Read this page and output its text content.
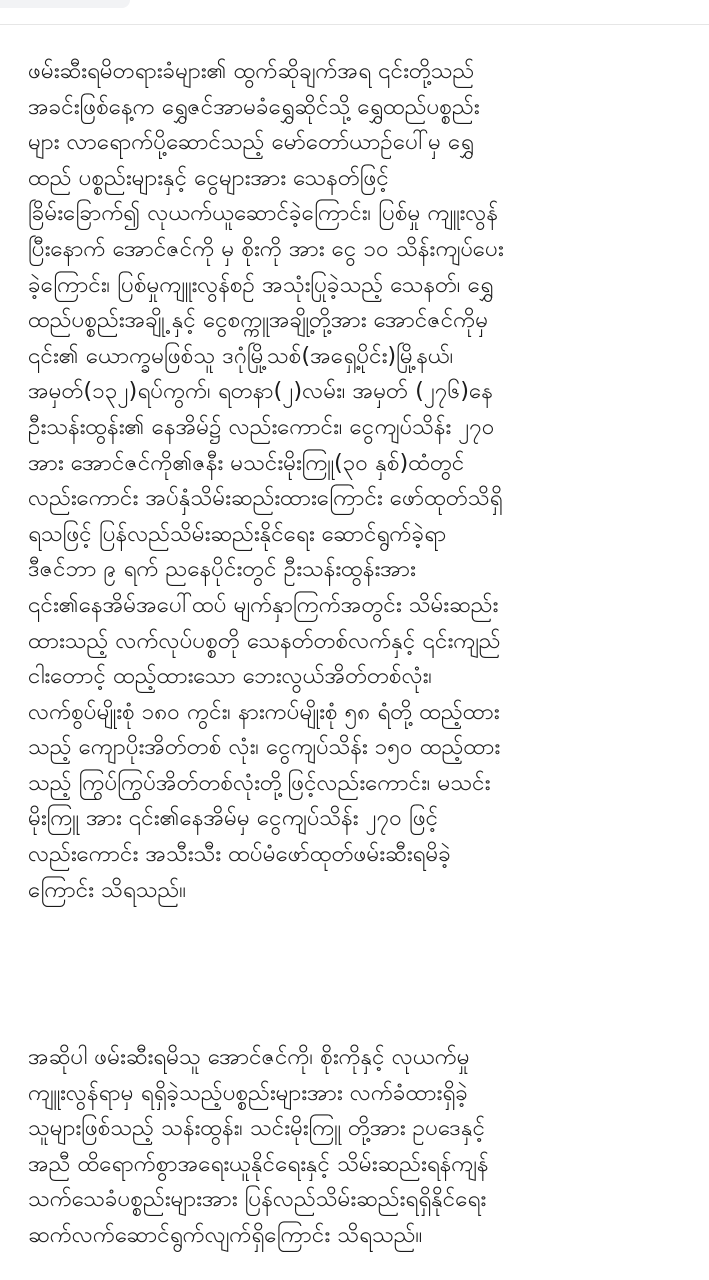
ဖမ်းဆီးရမိတရားခံများ၏ ထွက်ဆိုချက်အရ ၎င်းတို့သည်
အခင်းဖြစ်နေ့က ရွှေဇင်အာမခံရွှေဆိုင်သို့ ရွှေထည်ပစ္စည်း
များ လာရောက်ပို့ဆောင်သည့် မော်တော်ယာဉ်ပေါ်မှ ရွှေ
ထည် ပစ္စည်းများနှင့် ငွေများအား သေနတ်ဖြင့်
ခြိမ်းခြောက်၍ လုယက်ယူဆောင်ခဲ့ကြောင်း၊ ပြစ်မှု ကျူးလွန်
ပြီးနောက် အောင်ဇင်ကို မှ စိုးကို အား ငွေ ၁၀ သိန်းကျပ်ပေး
ခဲ့ကြောင်း၊ ပြစ်မှုကျူးလွန်စဉ် အသုံးပြုခဲ့သည့် သေနတ်၊ ရွှေ
ထည်ပစ္စည်းအချို့ နှင့် ငွေစက္ကူအချို့တို့အား အောင်ဇင်ကိုမှ
၎င်း၏ ယောက္ခမဖြစ်သူ ဒဂုံမြို့သစ်(အရှေ့ပိုင်း)မြို့နယ်၊
အမှတ်(၁၃၂)ရပ်ကွက်၊ ရတနာ(၂)လမ်း၊ အမှတ် (၂၇၆)နေ
ဦးသန်းထွန်း၏ နေအိမ်၌ လည်းကောင်း၊ ငွေကျပ်သိန်း ၂၇၀
အား အောင်ဇင်ကို၏ဇနီး မသင်းမိုးကြူ(၃၀ နှစ်)ထံတွင်
လည်းကောင်း အပ်နှံသိမ်းဆည်းထားကြောင်း ဖော်ထုတ်သိရှိ
ရသဖြင့် ပြန်လည်သိမ်းဆည်းနိုင်ရေး ဆောင်ရွက်ခဲ့ရာ
ဒီဇင်ဘာ ၉ ရက် ညနေပိုင်းတွင် ဦးသန်းထွန်းအား
၎င်း၏နေအိမ်အပေါ်ထပ် မျက်နှာကြက်အတွင်း သိမ်းဆည်း
ထားသည့် လက်လုပ်ပစ္စတို သေနတ်တစ်လက်နှင့် ၎င်းကျည်
ငါးတောင့် ထည့်ထားသော ဘေးလွယ်အိတ်တစ်လုံး၊
လက်စွပ်မျိုးစုံ ၁၈၀ ကွင်း၊ နားကပ်မျိုးစုံ ၅၈ ရံတို့ ထည့်ထား
သည့် ကျောပိုးအိတ်တစ် လုံး၊ ငွေကျပ်သိန်း ၁၅၀ ထည့်ထား
သည့် ကြွပ်ကြွပ်အိတ်တစ်လုံးတို့ဖြင့်လည်းကောင်း၊ မသင်း
မိုးကြူ အား ၎င်း၏နေအိမ်မှ ငွေကျပ်သိန်း ၂၇၀ ဖြင့်
လည်းကောင်း အသီးသီး ထပ်မံဖော်ထုတ်ဖမ်းဆီးရမိခဲ့
ကြောင်း သိရသည်။
အဆိုပါ ဖမ်းဆီးရမိသူ အောင်ဇင်ကို၊ စိုးကိုနှင့် လုယက်မှု
ကျူးလွန်ရာမှ ရရှိခဲ့သည့်ပစ္စည်းများအား လက်ခံထားရှိခဲ့
သူများဖြစ်သည့် သန်းထွန်း၊ သင်းမိုးကြူ တို့အား ဥပဒေနှင့်
အညီ ထိရောက်စွာအရေးယူနိုင်ရေးနှင့် သိမ်းဆည်းရန်ကျန်
သက်သေခံပစ္စည်းများအား ပြန်လည်သိမ်းဆည်းရရှိနိုင်ရေး
ဆက်လက်ဆောင်ရွက်လျက်ရှိကြောင်း သိရသည်။
